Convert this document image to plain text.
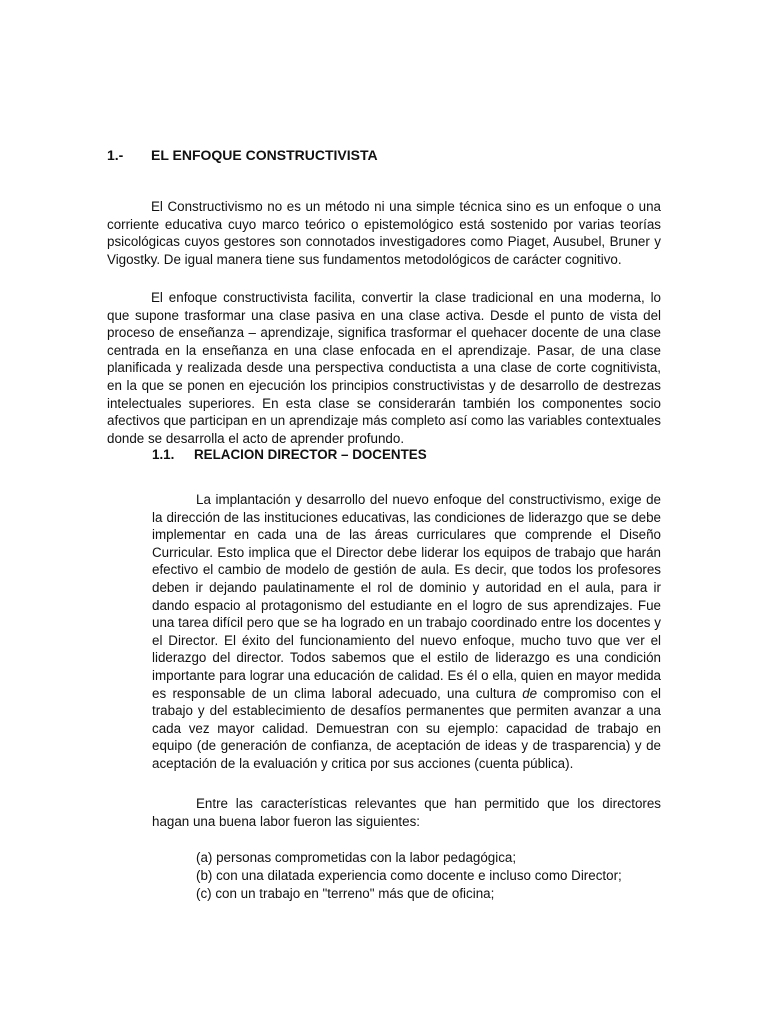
1.- EL ENFOQUE CONSTRUCTIVISTA

El Constructivismo no es un método ni una simple técnica sino es un enfoque o una corriente educativa cuyo marco teórico o epistemológico está sostenido por varias teorías psicológicas cuyos gestores son connotados investigadores como Piaget, Ausubel, Bruner y Vigostky. De igual manera tiene sus fundamentos metodológicos de carácter cognitivo.

El enfoque constructivista facilita, convertir la clase tradicional en una moderna, lo que supone trasformar una clase pasiva en una clase activa. Desde el punto de vista del proceso de enseñanza – aprendizaje, significa trasformar el quehacer docente de una clase centrada en la enseñanza en una clase enfocada en el aprendizaje. Pasar, de una clase planificada y realizada desde una perspectiva conductista a una clase de corte cognitivista, en la que se ponen en ejecución los principios constructivistas y de desarrollo de destrezas intelectuales superiores. En esta clase se considerarán también los componentes socio afectivos que participan en un aprendizaje más completo así como las variables contextuales donde se desarrolla el acto de aprender profundo.

1.1. RELACION DIRECTOR – DOCENTES

La implantación y desarrollo del nuevo enfoque del constructivismo, exige de la dirección de las instituciones educativas, las condiciones de liderazgo que se debe implementar en cada una de las áreas curriculares que comprende el Diseño Curricular. Esto implica que el Director debe liderar los equipos de trabajo que harán efectivo el cambio de modelo de gestión de aula. Es decir, que todos los profesores deben ir dejando paulatinamente el rol de dominio y autoridad en el aula, para ir dando espacio al protagonismo del estudiante en el logro de sus aprendizajes. Fue una tarea difícil pero que se ha logrado en un trabajo coordinado entre los docentes y el Director. El éxito del funcionamiento del nuevo enfoque, mucho tuvo que ver el liderazgo del director. Todos sabemos que el estilo de liderazgo es una condición importante para lograr una educación de calidad. Es él o ella, quien en mayor medida es responsable de un clima laboral adecuado, una cultura de compromiso con el trabajo y del establecimiento de desafíos permanentes que permiten avanzar a una cada vez mayor calidad. Demuestran con su ejemplo: capacidad de trabajo en equipo (de generación de confianza, de aceptación de ideas y de trasparencia) y de aceptación de la evaluación y critica por sus acciones (cuenta pública).

Entre las características relevantes que han permitido que los directores hagan una buena labor fueron las siguientes:

(a) personas comprometidas con la labor pedagógica;
(b) con una dilatada experiencia como docente e incluso como Director;
(c) con un trabajo en "terreno" más que de oficina;
